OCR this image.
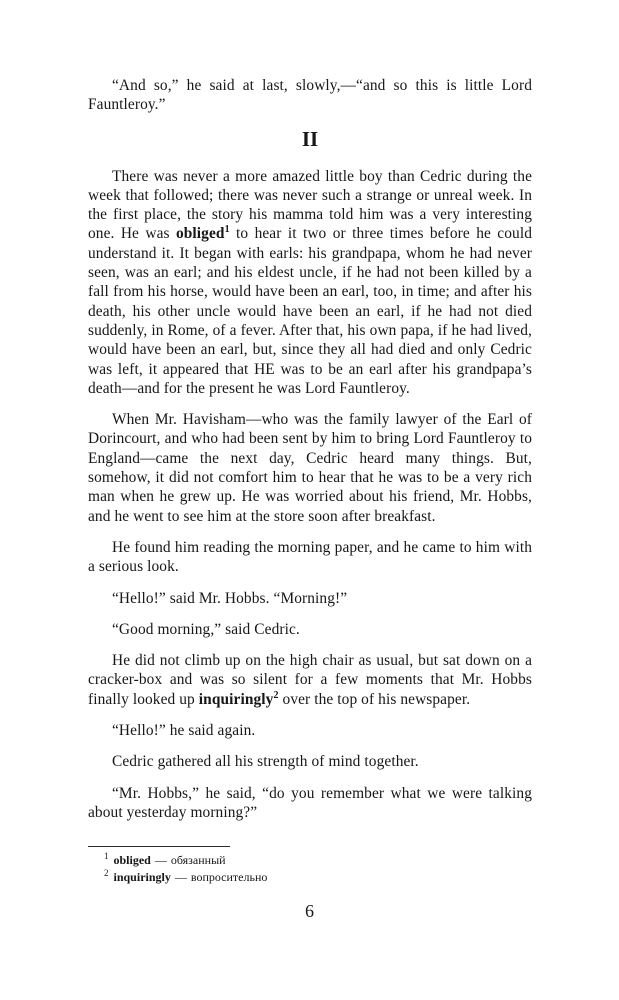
“And so,” he said at last, slowly,—“and so this is little Lord Fauntleroy.”

II

There was never a more amazed little boy than Cedric during the week that followed; there was never such a strange or unreal week. In the first place, the story his mamma told him was a very interesting one. He was obliged$^1$ to hear it two or three times before he could understand it. It began with earls: his grandpapa, whom he had never seen, was an earl; and his eldest uncle, if he had not been killed by a fall from his horse, would have been an earl, too, in time; and after his death, his other uncle would have been an earl, if he had not died suddenly, in Rome, of a fever. After that, his own papa, if he had lived, would have been an earl, but, since they all had died and only Cedric was left, it appeared that HE was to be an earl after his grandpapa’s death—and for the present he was Lord Fauntleroy.

When Mr. Havisham—who was the family lawyer of the Earl of Dorincourt, and who had been sent by him to bring Lord Fauntleroy to England—came the next day, Cedric heard many things. But, somehow, it did not comfort him to hear that he was to be a very rich man when he grew up. He was worried about his friend, Mr. Hobbs, and he went to see him at the store soon after breakfast.

He found him reading the morning paper, and he came to him with a serious look.

“Hello!” said Mr. Hobbs. “Morning!”

“Good morning,” said Cedric.

He did not climb up on the high chair as usual, but sat down on a cracker-box and was so silent for a few moments that Mr. Hobbs finally looked up inquiringly$^2$ over the top of his newspaper.

“Hello!” he said again.

Cedric gathered all his strength of mind together.

“Mr. Hobbs,” he said, “do you remember what we were talking about yesterday morning?”

$^1$ obliged — обязанный
$^2$ inquiringly — вопросительно
6
